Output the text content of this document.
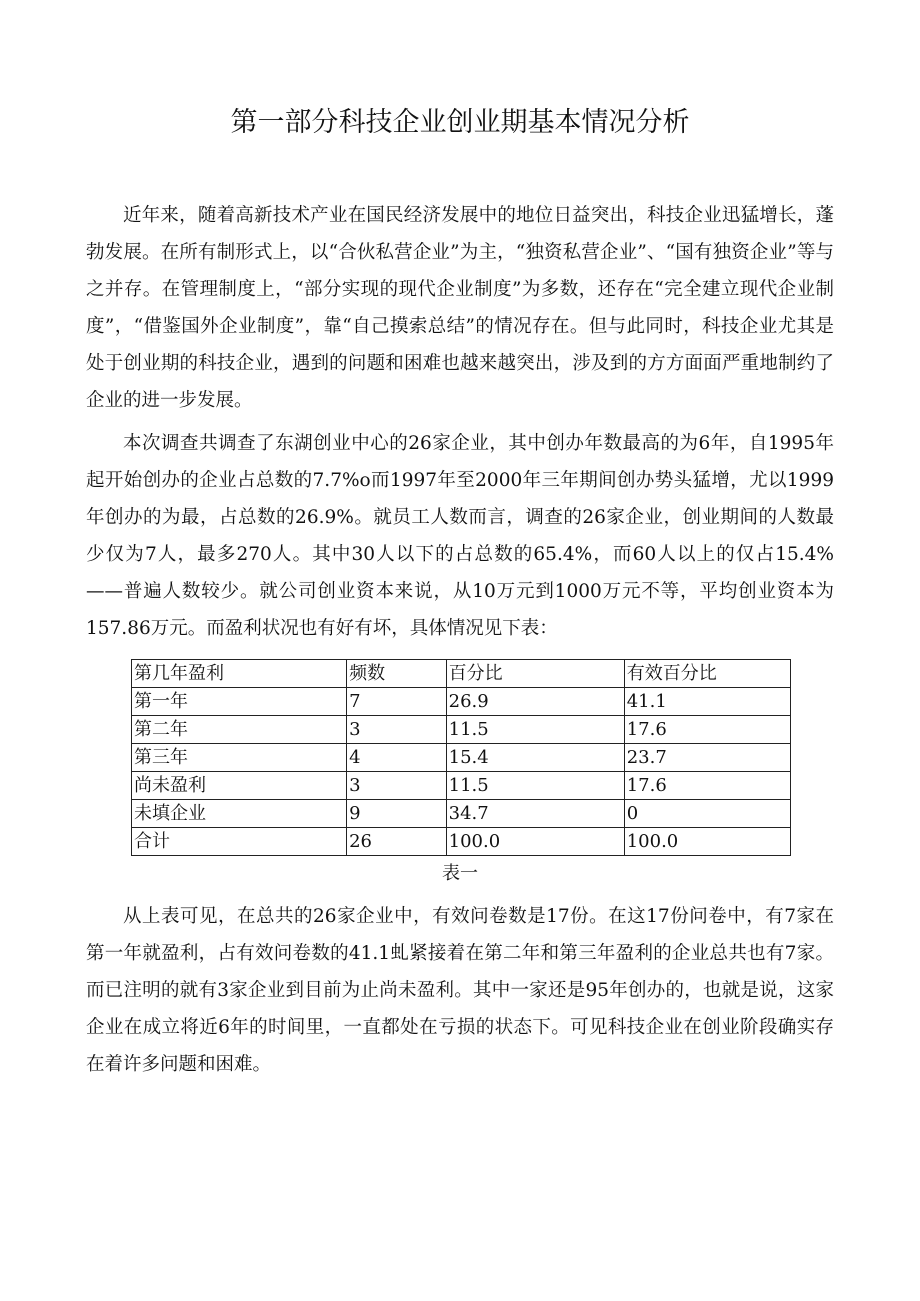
第一部分科技企业创业期基本情况分析

近年来，随着高新技术产业在国民经济发展中的地位日益突出，科技企业迅猛增长，蓬勃发展。在所有制形式上，以“合伙私营企业”为主，“独资私营企业”、“国有独资企业”等与之并存。在管理制度上，“部分实现的现代企业制度”为多数，还存在“完全建立现代企业制度”，“借鉴国外企业制度”，靠“自己摸索总结”的情况存在。但与此同时，科技企业尤其是处于创业期的科技企业，遇到的问题和困难也越来越突出，涉及到的方方面面严重地制约了企业的进一步发展。

本次调查共调查了东湖创业中心的26家企业，其中创办年数最高的为6年，自1995年起开始创办的企业占总数的7.7%o而1997年至2000年三年期间创办势头猛增，尤以1999年创办的为最，占总数的26.9%。就员工人数而言，调查的26家企业，创业期间的人数最少仅为7人，最多270人。其中30人以下的占总数的65.4%，而60人以上的仅占15.4%——普遍人数较少。就公司创业资本来说，从10万元到1000万元不等，平均创业资本为157.86万元。而盈利状况也有好有坏，具体情况见下表：

第几年盈利	频数	百分比	有效百分比
第一年	7	26.9	41.1
第二年	3	11.5	17.6
第三年	4	15.4	23.7
尚未盈利	3	11.5	17.6
未填企业	9	34.7	0
合计	26	100.0	100.0
表一

从上表可见，在总共的26家企业中，有效问卷数是17份。在这17份问卷中，有7家在第一年就盈利，占有效问卷数的41.1虬紧接着在第二年和第三年盈利的企业总共也有7家。而已注明的就有3家企业到目前为止尚未盈利。其中一家还是95年创办的，也就是说，这家企业在成立将近6年的时间里，一直都处在亏损的状态下。可见科技企业在创业阶段确实存在着许多问题和困难。
